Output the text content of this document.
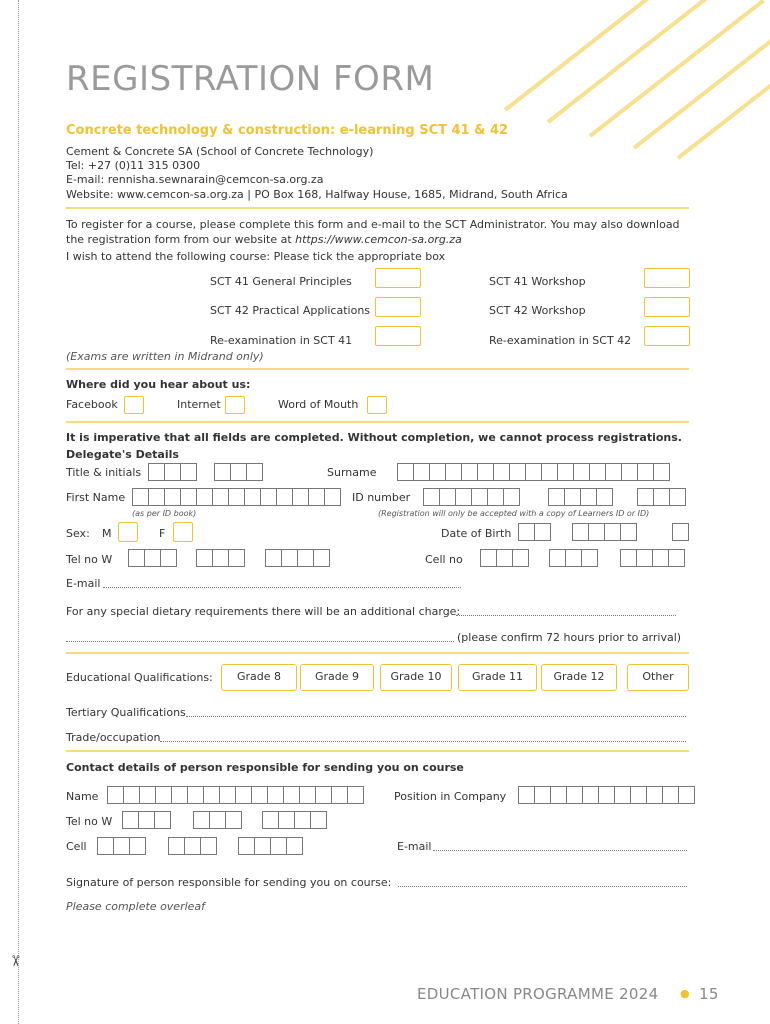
✂
REGISTRATION FORM
Concrete technology & construction: e-learning SCT 41 & 42
Cement & Concrete SA (School of Concrete Technology)
Tel: +27 (0)11 315 0300
E-mail: rennisha.sewnarain@cemcon-sa.org.za
Website: www.cemcon-sa.org.za | PO Box 168, Halfway House, 1685, Midrand, South Africa
To register for a course, please complete this form and e-mail to the SCT Administrator. You may also download
the registration form from our website at https://www.cemcon-sa.org.za
I wish to attend the following course: Please tick the appropriate box
SCT 41 General Principles	SCT 41 Workshop
SCT 42 Practical Applications	SCT 42 Workshop
Re-examination in SCT 41	Re-examination in SCT 42
(Exams are written in Midrand only)
Where did you hear about us:
Facebook	Internet	Word of Mouth
It is imperative that all fields are completed. Without completion, we cannot process registrations.
Delegate's Details
Title & initials	Surname
First Name	ID number
(as per ID book)	(Registration will only be accepted with a copy of Learners ID or ID)
Sex: M	F	Date of Birth
Tel no W	Cell no
E-mail
For any special dietary requirements there will be an additional charge:
(please confirm 72 hours prior to arrival)
Educational Qualifications:	Grade 8	Grade 9	Grade 10	Grade 11	Grade 12	Other
Tertiary Qualifications
Trade/occupation
Contact details of person responsible for sending you on course
Name	Position in Company
Tel no W
Cell	E-mail
Signature of person responsible for sending you on course:
Please complete overleaf
EDUCATION PROGRAMME 2024 ● 15
